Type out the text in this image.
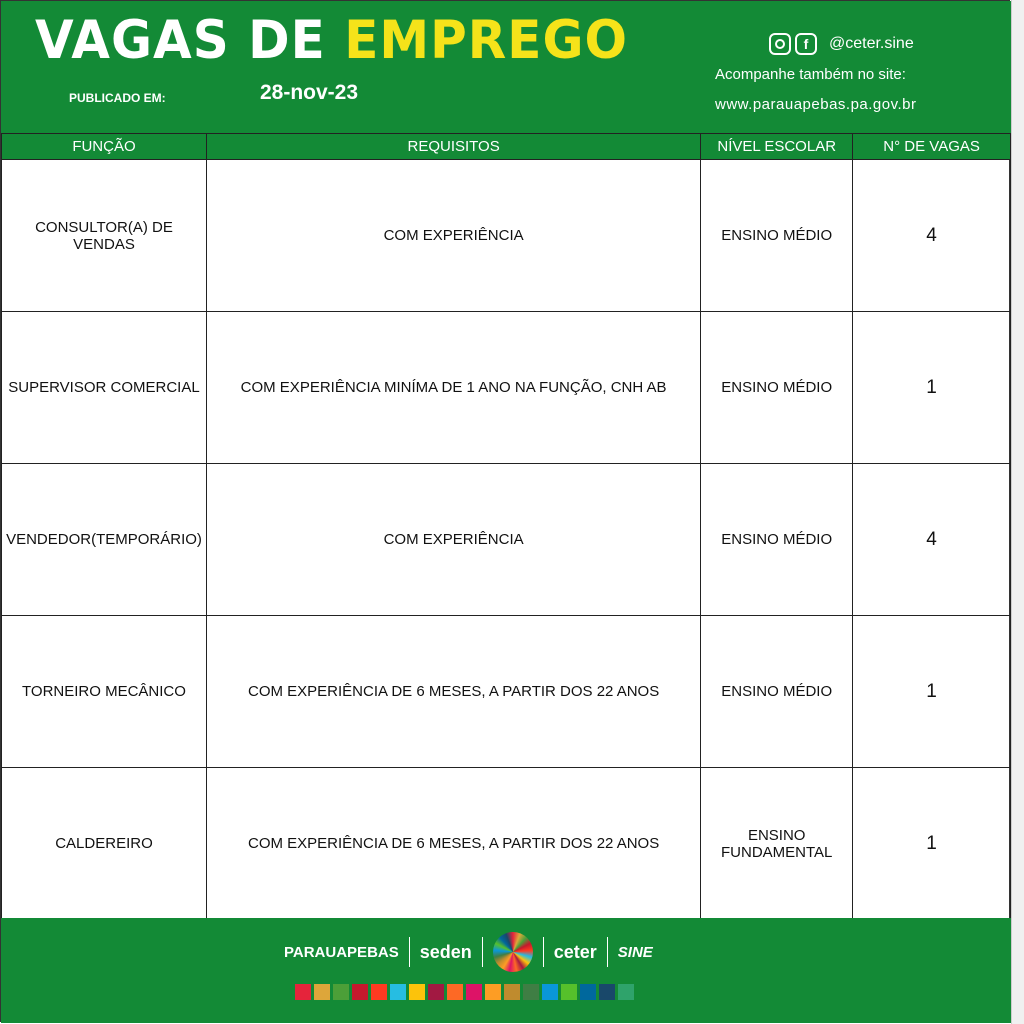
VAGAS DE EMPREGO
PUBLICADO EM:	28-nov-23
f	@ceter.sine
Acompanhe também no site:
www.parauapebas.pa.gov.br
FUNÇÃO	REQUISITOS	NÍVEL ESCOLAR	N° DE VAGAS
CONSULTOR(A) DE VENDAS	COM EXPERIÊNCIA	ENSINO MÉDIO	4
SUPERVISOR COMERCIAL	COM EXPERIÊNCIA MINÍMA DE 1 ANO NA FUNÇÃO, CNH AB	ENSINO MÉDIO	1
VENDEDOR(TEMPORÁRIO)	COM EXPERIÊNCIA	ENSINO MÉDIO	4
TORNEIRO MECÂNICO	COM EXPERIÊNCIA DE 6 MESES, A PARTIR DOS 22 ANOS	ENSINO MÉDIO	1
CALDEREIRO	COM EXPERIÊNCIA DE 6 MESES, A PARTIR DOS 22 ANOS	ENSINO FUNDAMENTAL	1
PARAUAPEBAS seden	ceter SINE
